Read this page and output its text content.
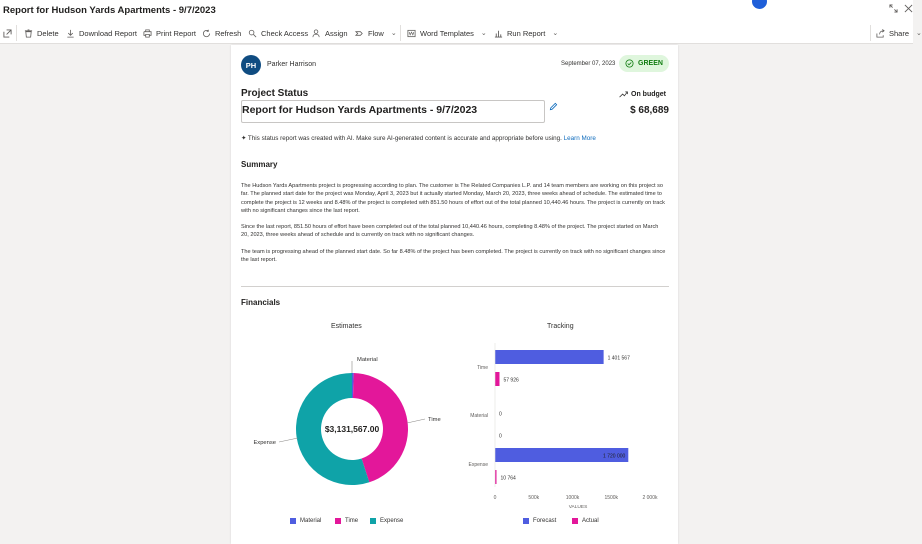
Report for Hudson Yards Apartments - 9/7/2023
Delete	Download Report	Print Report	Refresh	Check Access Assign	Flow ⌄	Word Templates ⌄	Run Report ⌄	Share ⌄
PH	Parker Harrison	September 07, 2023	GREEN
Project Status
Report for Hudson Yards Apartments - 9/7/2023
On budget
$ 68,689
✦ This status report was created with AI. Make sure AI-generated content is accurate and appropriate before using. Learn More
Summary
The Hudson Yards Apartments project is progressing according to plan. The customer is The Related Companies L.P. and 14 team members are working on this project so far. The planned start date for the project was Monday, April 3, 2023 but it actually started Monday, March 20, 2023, three weeks ahead of schedule. The estimated time to complete the project is 12 weeks and 8.48% of the project is completed with 851.50 hours of effort out of the total planned 10,440.46 hours. The project is currently on track with no significant changes since the last report.
Since the last report, 851.50 hours of effort have been completed out of the total planned 10,440.46 hours, completing 8.48% of the project. The project started on March 20, 2023, three weeks ahead of schedule and is currently on track with no significant changes.
The team is progressing ahead of the planned start date. So far 8.48% of the project has been completed. The project is currently on track with no significant changes since the last report.
Financials
Estimates	Tracking
Material
Time
Expense
$3,131,567.00
Time
1 401 567
57 926
Material 0
0
Expense
1 720 000
10 764
0	500k	1000k	1500k	2 000k
VALUES
Material	Time	Expense	Forecast	Actual
